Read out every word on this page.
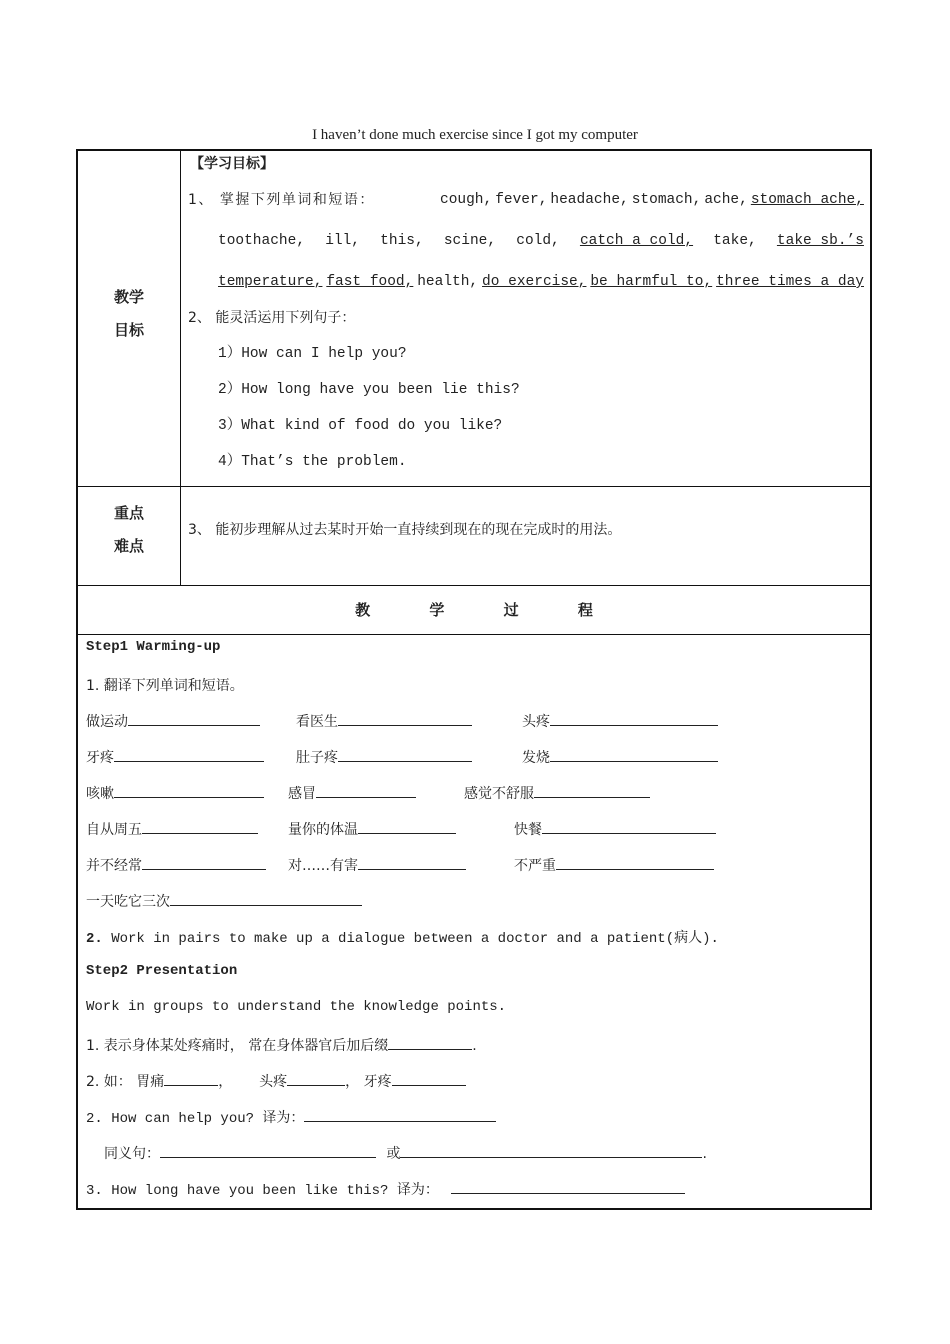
I haven’t done much exercise since I got my computer
教学
目标
【学习目标】
1、 掌握下列单词和短语：	cough, fever, headache, stomach, ache, stomach ache,
toothache, ill, this, scine, cold, catch a cold, take, take sb.’s
temperature, fast food, health, do exercise, be harmful to, three times a day
2、 能灵活运用下列句子：
1）How can I help you?
2）How long have you been lie this?
3）What kind of food do you like?
4）That’s the problem.
重点
难点
3、 能初步理解从过去某时开始一直持续到现在的现在完成时的用法。
教 学 过 程
Step1 Warming-up
1. 翻译下列单词和短语。
做运动	看医生	头疼
牙疼	肚子疼	发烧
咳嗽	感冒	感觉不舒服
自从周五	量你的体温	快餐
并不经常	对……有害	不严重
一天吃它三次
2. Work in pairs to make up a dialogue between a doctor and a patient(病人).
Step2 Presentation
Work in groups to understand the knowledge points.
1. 表示身体某处疼痛时， 常在身体器官后加后缀	.
2. 如： 胃痛	，  头疼	， 牙疼
2. How can help you? 译为：
同义句：	或	.
3. How long have you been like this? 译为：
